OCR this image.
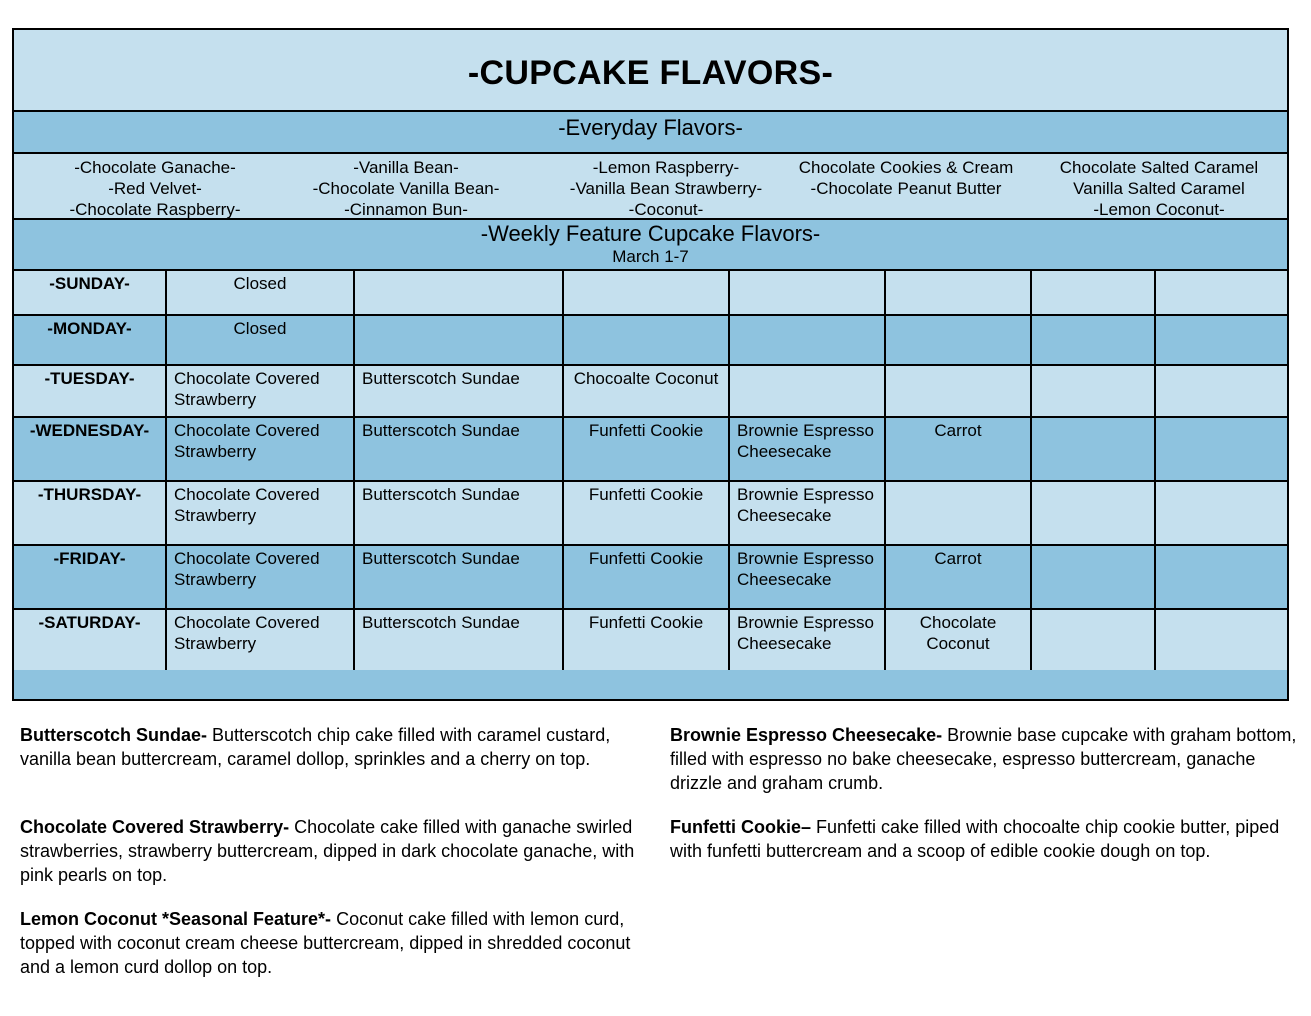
-CUPCAKE FLAVORS-
-Everyday Flavors-
-Chocolate Ganache-
-Red Velvet-
-Chocolate Raspberry-
-Vanilla Bean-
-Chocolate Vanilla Bean-
-Cinnamon Bun-
-Lemon Raspberry-
-Vanilla Bean Strawberry-
-Coconut-
Chocolate Cookies & Cream
-Chocolate Peanut Butter
Chocolate Salted Caramel
Vanilla Salted Caramel
-Lemon Coconut-
-Weekly Feature Cupcake Flavors-
March 1-7
-SUNDAY-	Closed						
-MONDAY-	Closed						
-TUESDAY-	Chocolate Covered Strawberry	Butterscotch Sundae	Chocoalte Coconut				
-WEDNESDAY-	Chocolate Covered Strawberry	Butterscotch Sundae	Funfetti Cookie	Brownie Espresso Cheesecake	Carrot		
-THURSDAY-	Chocolate Covered Strawberry	Butterscotch Sundae	Funfetti Cookie	Brownie Espresso Cheesecake			
-FRIDAY-	Chocolate Covered Strawberry	Butterscotch Sundae	Funfetti Cookie	Brownie Espresso Cheesecake	Carrot		
-SATURDAY-	Chocolate Covered Strawberry	Butterscotch Sundae	Funfetti Cookie	Brownie Espresso Cheesecake	Chocolate Coconut		
Butterscotch Sundae- Butterscotch chip cake filled with caramel custard, vanilla bean buttercream, caramel dollop, sprinkles and a cherry on top.
Chocolate Covered Strawberry- Chocolate cake filled with ganache swirled strawberries, strawberry buttercream, dipped in dark chocolate ganache, with pink pearls on top.
Lemon Coconut *Seasonal Feature*- Coconut cake filled with lemon curd, topped with coconut cream cheese buttercream, dipped in shredded coconut and a lemon curd dollop on top.
Brownie Espresso Cheesecake- Brownie base cupcake with graham bottom, filled with espresso no bake cheesecake, espresso buttercream, ganache drizzle and graham crumb.
Funfetti Cookie– Funfetti cake filled with chocoalte chip cookie butter, piped with funfetti buttercream and a scoop of edible cookie dough on top.
